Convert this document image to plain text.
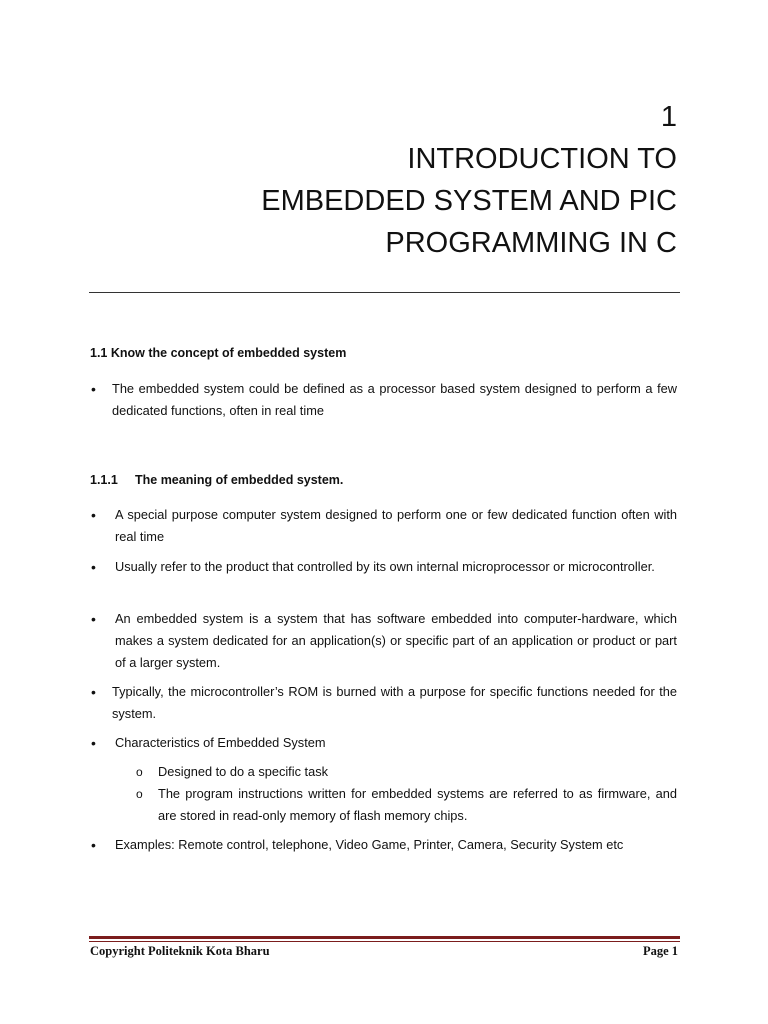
1
INTRODUCTION TO
EMBEDDED SYSTEM AND PIC
PROGRAMMING IN C
1.1 Know the concept of embedded system
• The embedded system could be defined as a processor based system designed to perform a few dedicated functions, often in real time
1.1.1 The meaning of embedded system.
• A special purpose computer system designed to perform one or few dedicated function often with real time
• Usually refer to the product that controlled by its own internal microprocessor or microcontroller.
• An embedded system is a system that has software embedded into computer-hardware, which makes a system dedicated for an application(s) or specific part of an application or product or part of a larger system.
• Typically, the microcontroller’s ROM is burned with a purpose for specific functions needed for the system.
• Characteristics of Embedded System
o Designed to do a specific task
o The program instructions written for embedded systems are referred to as firmware, and are stored in read-only memory of flash memory chips.
• Examples: Remote control, telephone, Video Game, Printer, Camera, Security System etc
Copyright Politeknik Kota Bharu	Page 1
